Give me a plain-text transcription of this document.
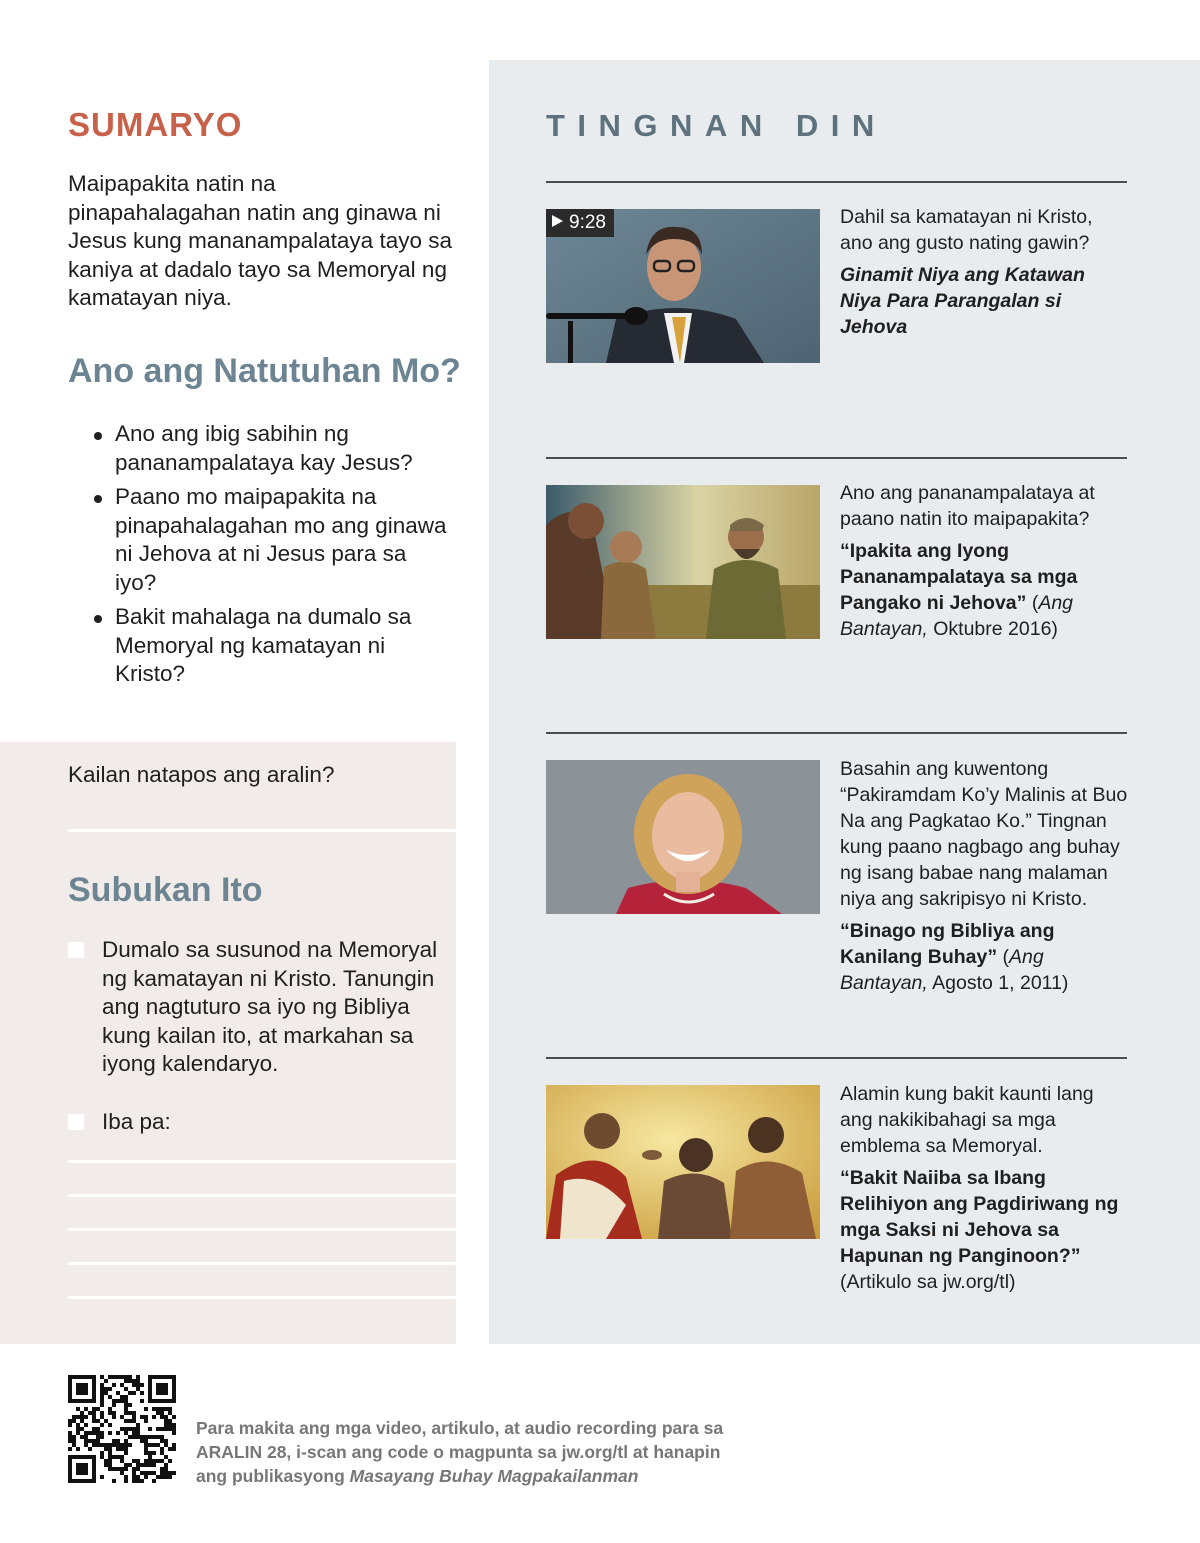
SUMARYO

Maipapakita natin na pinapahalagahan natin ang ginawa ni Jesus kung mananampalataya tayo sa kaniya at dadalo tayo sa Memoryal ng kamatayan niya.

Ano ang Natutuhan Mo?
Ano ang ibig sabihin ng pananampalataya kay Jesus?
Paano mo maipapakita na pinapahalagahan mo ang ginawa ni Jehova at ni Jesus para sa iyo?
Bakit mahalaga na dumalo sa Memoryal ng kamatayan ni Kristo?

Kailan natapos ang aralin?

Subukan Ito
Dumalo sa susunod na Memoryal ng kamatayan ni Kristo. Tanungin ang nagtuturo sa iyo ng Bibliya kung kailan ito, at markahan sa iyong kalendaryo.
Iba pa:
TINGNAN DIN
9:28	Dahil sa kamatayan ni Kristo, ano ang gusto nating gawin?

Ginamit Niya ang Katawan Niya Para Parangalan si Jehova

Ano ang pananampalataya at paano natin ito maipapakita?

“Ipakita ang Iyong Pananampalataya sa mga Pangako ni Jehova” (Ang Bantayan, Oktubre 2016)

Basahin ang kuwentong “Pakiramdam Ko’y Malinis at Buo Na ang Pagkatao Ko.” Tingnan kung paano nagbago ang buhay ng isang babae nang malaman niya ang sakripisyo ni Kristo.

“Binago ng Bibliya ang Kanilang Buhay” (Ang Bantayan, Agosto 1, 2011)

Alamin kung bakit kaunti lang ang nakikibahagi sa mga emblema sa Memoryal.

“Bakit Naiiba sa Ibang Relihiyon ang Pagdiriwang ng mga Saksi ni Jehova sa Hapunan ng Panginoon?”

(Artikulo sa jw.org/tl)

Para makita ang mga video, artikulo, at audio recording para sa ARALIN 28, i-scan ang code o magpunta sa jw.org/tl at hanapin ang publikasyong Masayang Buhay Magpakailanman
